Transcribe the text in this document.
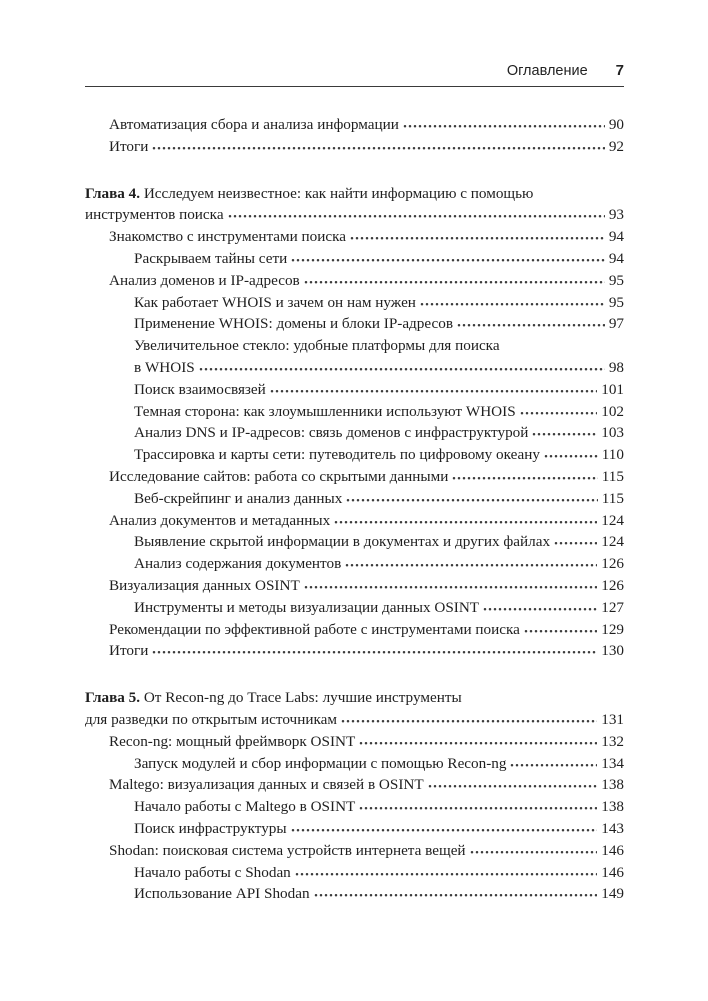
Оглавление 7
Автоматизация сбора и анализа информации	90
Итоги	92
Глава 4. Исследуем неизвестное: как найти информацию с помощью
инструментов поиска	93
Знакомство с инструментами поиска	94
Раскрываем тайны сети	94
Анализ доменов и IP-адресов	95
Как работает WHOIS и зачем он нам нужен	95
Применение WHOIS: домены и блоки IP-адресов	97
Увеличительное стекло: удобные платформы для поиска
в WHOIS	98
Поиск взаимосвязей	101
Темная сторона: как злоумышленники используют WHOIS	102
Анализ DNS и IP-адресов: связь доменов с инфраструктурой	103
Трассировка и карты сети: путеводитель по цифровому океану	110
Исследование сайтов: работа со скрытыми данными	115
Веб-скрейпинг и анализ данных	115
Анализ документов и метаданных	124
Выявление скрытой информации в документах и других файлах	124
Анализ содержания документов	126
Визуализация данных OSINT	126
Инструменты и методы визуализации данных OSINT	127
Рекомендации по эффективной работе с инструментами поиска	129
Итоги	130
Глава 5. От Recon-ng до Trace Labs: лучшие инструменты
для разведки по открытым источникам	131
Recon-ng: мощный фреймворк OSINT	132
Запуск модулей и сбор информации с помощью Recon-ng	134
Maltego: визуализация данных и связей в OSINT	138
Начало работы с Maltego в OSINT	138
Поиск инфраструктуры	143
Shodan: поисковая система устройств интернета вещей	146
Начало работы с Shodan	146
Использование API Shodan	149
